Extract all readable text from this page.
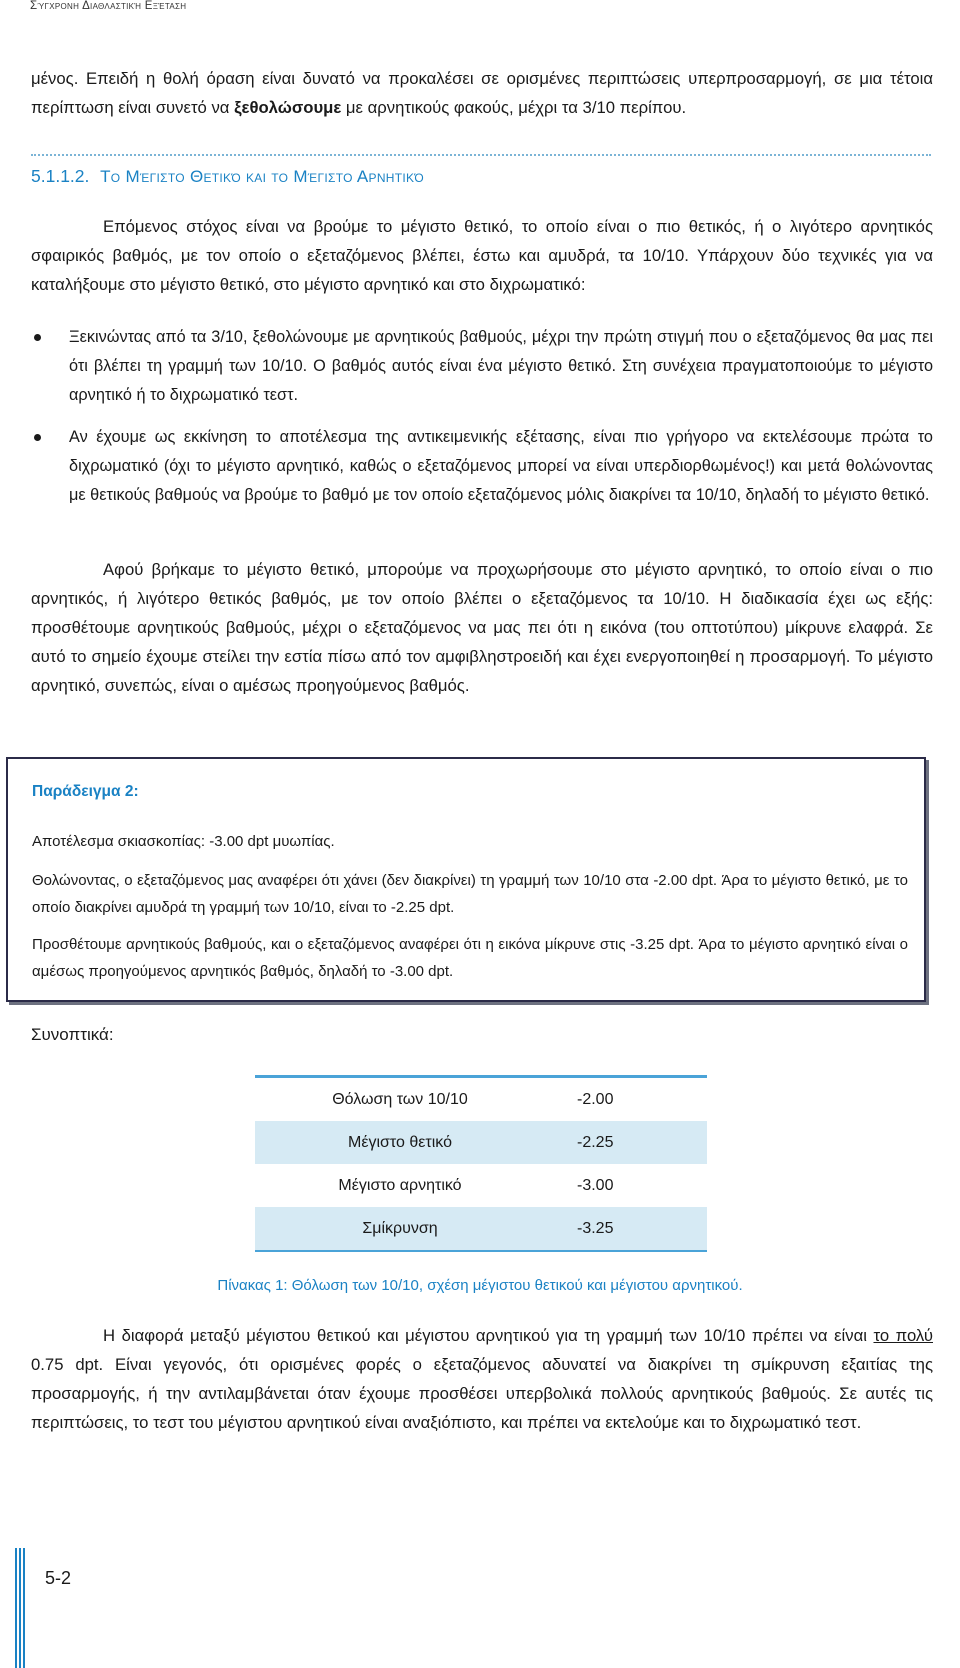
Σύγχρονη Διαθλαστική Εξέταση

μένος. Επειδή η θολή όραση είναι δυνατό να προκαλέσει σε ορισμένες περιπτώσεις υπερπροσαρμογή, σε μια τέτοια περίπτωση είναι συνετό να ξεθολώσουμε με αρνητικούς φακούς, μέχρι τα 3/10 περίπου.

5.1.1.2. Το Μέγιστο Θετικό και το Μέγιστο Αρνητικό

Επόμενος στόχος είναι να βρούμε το μέγιστο θετικό, το οποίο είναι ο πιο θετικός, ή ο λιγότερο αρνητικός σφαιρικός βαθμός, με τον οποίο ο εξεταζόμενος βλέπει, έστω και αμυδρά, τα 10/10. Υπάρχουν δύο τεχνικές για να καταλήξουμε στο μέγιστο θετικό, στο μέγιστο αρνητικό και στο διχρωματικό:

Ξεκινώντας από τα 3/10, ξεθολώνουμε με αρνητικούς βαθμούς, μέχρι την πρώτη στιγμή που ο εξεταζόμενος θα μας πει ότι βλέπει τη γραμμή των 10/10. Ο βαθμός αυτός είναι ένα μέγιστο θετικό. Στη συνέχεια πραγματοποιούμε το μέγιστο αρνητικό ή το διχρωματικό τεστ.
Αν έχουμε ως εκκίνηση το αποτέλεσμα της αντικειμενικής εξέτασης, είναι πιο γρήγορο να εκτελέσουμε πρώτα το διχρωματικό (όχι το μέγιστο αρνητικό, καθώς ο εξεταζόμενος μπορεί να είναι υπερδιορθωμένος!) και μετά θολώνοντας με θετικούς βαθμούς να βρούμε το βαθμό με τον οποίο εξεταζόμενος μόλις διακρίνει τα 10/10, δηλαδή το μέγιστο θετικό.

Αφού βρήκαμε το μέγιστο θετικό, μπορούμε να προχωρήσουμε στο μέγιστο αρνητικό, το οποίο είναι ο πιο αρνητικός, ή λιγότερο θετικός βαθμός, με τον οποίο βλέπει ο εξεταζόμενος τα 10/10. Η διαδικασία έχει ως εξής: προσθέτουμε αρνητικούς βαθμούς, μέχρι ο εξεταζόμενος να μας πει ότι η εικόνα (του οπτοτύπου) μίκρυνε ελαφρά. Σε αυτό το σημείο έχουμε στείλει την εστία πίσω από τον αμφιβληστροειδή και έχει ενεργοποιηθεί η προσαρμογή. Το μέγιστο αρνητικό, συνεπώς, είναι ο αμέσως προηγούμενος βαθμός.

Παράδειγμα 2:
Αποτέλεσμα σκιασκοπίας: -3.00 dpt μυωπίας.
Θολώνοντας, ο εξεταζόμενος μας αναφέρει ότι χάνει (δεν διακρίνει) τη γραμμή των 10/10 στα -2.00 dpt. Άρα το μέγιστο θετικό, με το οποίο διακρίνει αμυδρά τη γραμμή των 10/10, είναι το -2.25 dpt.
Προσθέτουμε αρνητικούς βαθμούς, και ο εξεταζόμενος αναφέρει ότι η εικόνα μίκρυνε στις -3.25 dpt. Άρα το μέγιστο αρνητικό είναι ο αμέσως προηγούμενος αρνητικός βαθμός, δηλαδή το -3.00 dpt.
Συνοπτικά:
Θόλωση των 10/10	-2.00
Μέγιστο θετικό	-2.25
Μέγιστο αρνητικό	-3.00
Σμίκρυνση	-3.25
Πίνακας 1: Θόλωση των 10/10, σχέση μέγιστου θετικού και μέγιστου αρνητικού.

Η διαφορά μεταξύ μέγιστου θετικού και μέγιστου αρνητικού για τη γραμμή των 10/10 πρέπει να είναι το πολύ 0.75 dpt. Είναι γεγονός, ότι ορισμένες φορές ο εξεταζόμενος αδυνατεί να διακρίνει τη σμίκρυνση εξαιτίας της προσαρμογής, ή την αντιλαμβάνεται όταν έχουμε προσθέσει υπερβολικά πολλούς αρνητικούς βαθμούς. Σε αυτές τις περιπτώσεις, το τεστ του μέγιστου αρνητικού είναι αναξιόπιστο, και πρέπει να εκτελούμε και το διχρωματικό τεστ.

5-2
